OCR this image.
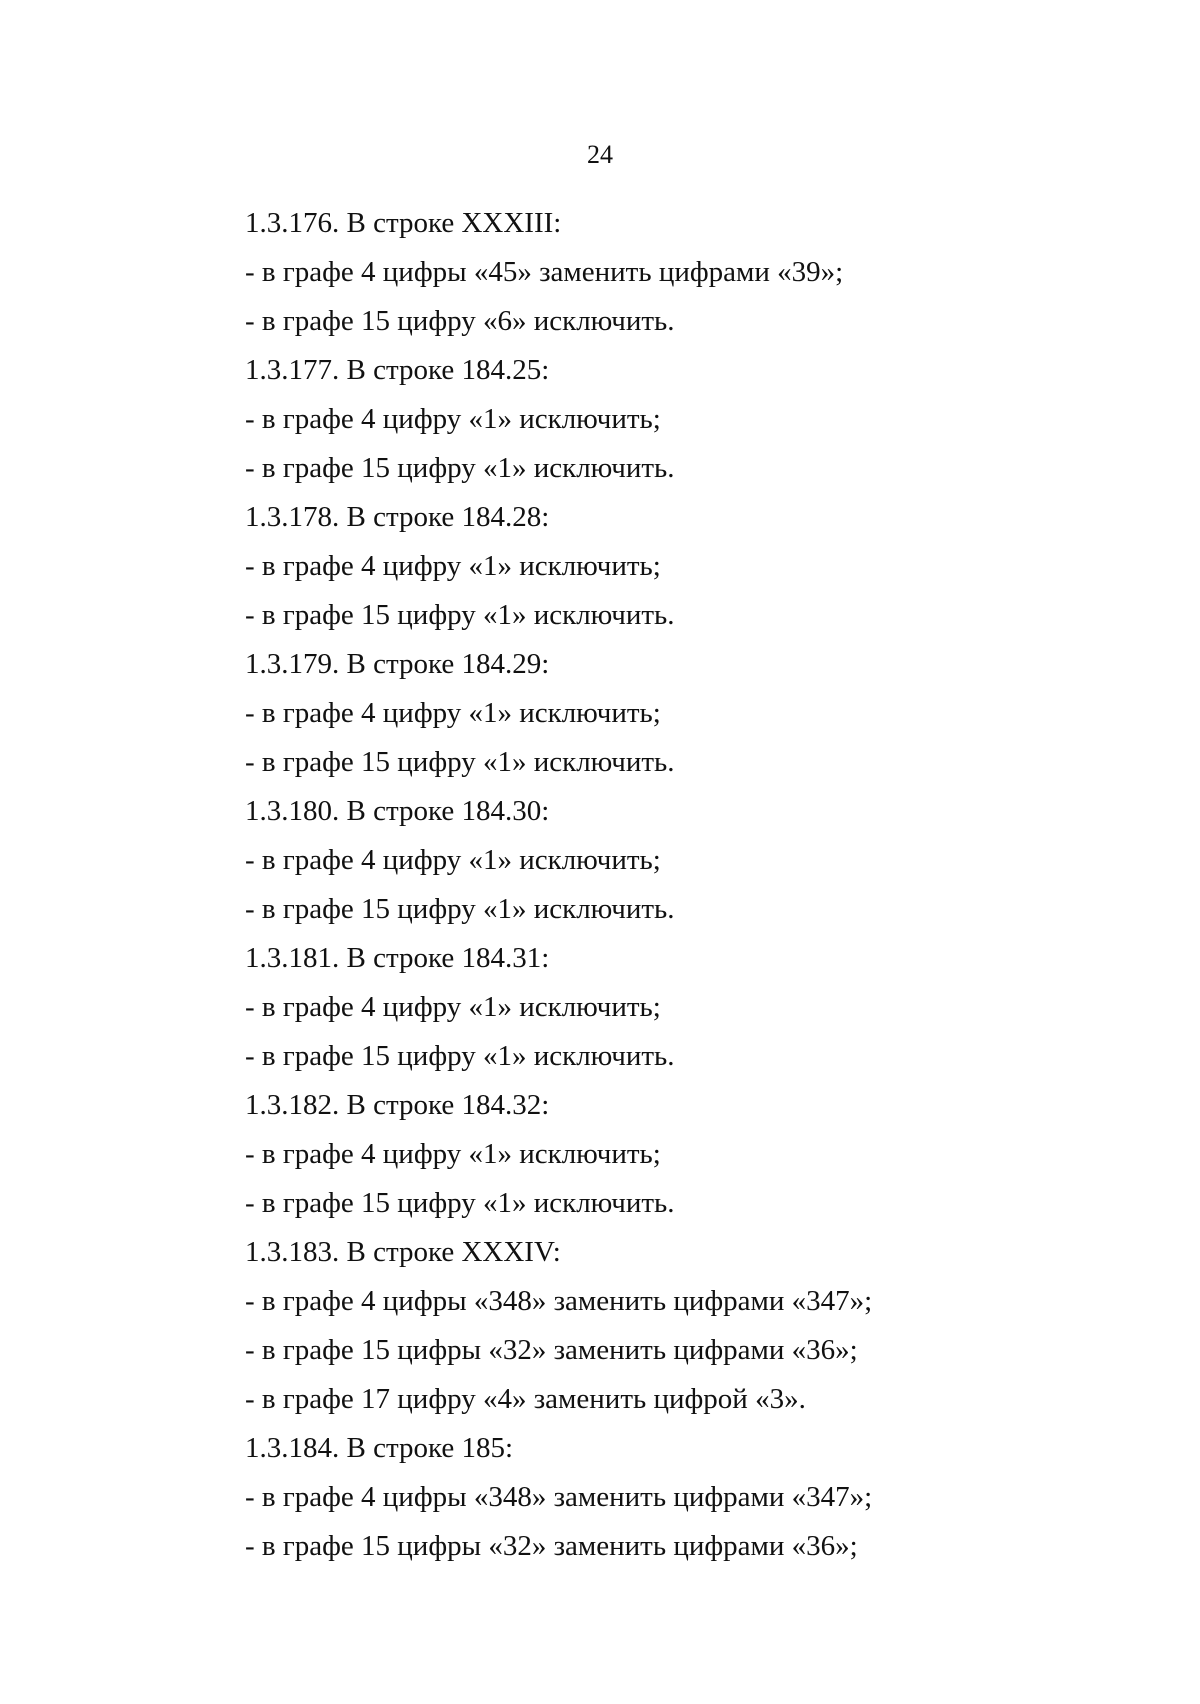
24
1.3.176. В строке XXXIII:
- в графе 4 цифры «45» заменить цифрами «39»;
- в графе 15 цифру «6» исключить.
1.3.177. В строке 184.25:
- в графе 4 цифру «1» исключить;
- в графе 15 цифру «1» исключить.
1.3.178. В строке 184.28:
- в графе 4 цифру «1» исключить;
- в графе 15 цифру «1» исключить.
1.3.179. В строке 184.29:
- в графе 4 цифру «1» исключить;
- в графе 15 цифру «1» исключить.
1.3.180. В строке 184.30:
- в графе 4 цифру «1» исключить;
- в графе 15 цифру «1» исключить.
1.3.181. В строке 184.31:
- в графе 4 цифру «1» исключить;
- в графе 15 цифру «1» исключить.
1.3.182. В строке 184.32:
- в графе 4 цифру «1» исключить;
- в графе 15 цифру «1» исключить.
1.3.183. В строке XXXIV:
- в графе 4 цифры «348» заменить цифрами «347»;
- в графе 15 цифры «32» заменить цифрами «36»;
- в графе 17 цифру «4» заменить цифрой «3».
1.3.184. В строке 185:
- в графе 4 цифры «348» заменить цифрами «347»;
- в графе 15 цифры «32» заменить цифрами «36»;
